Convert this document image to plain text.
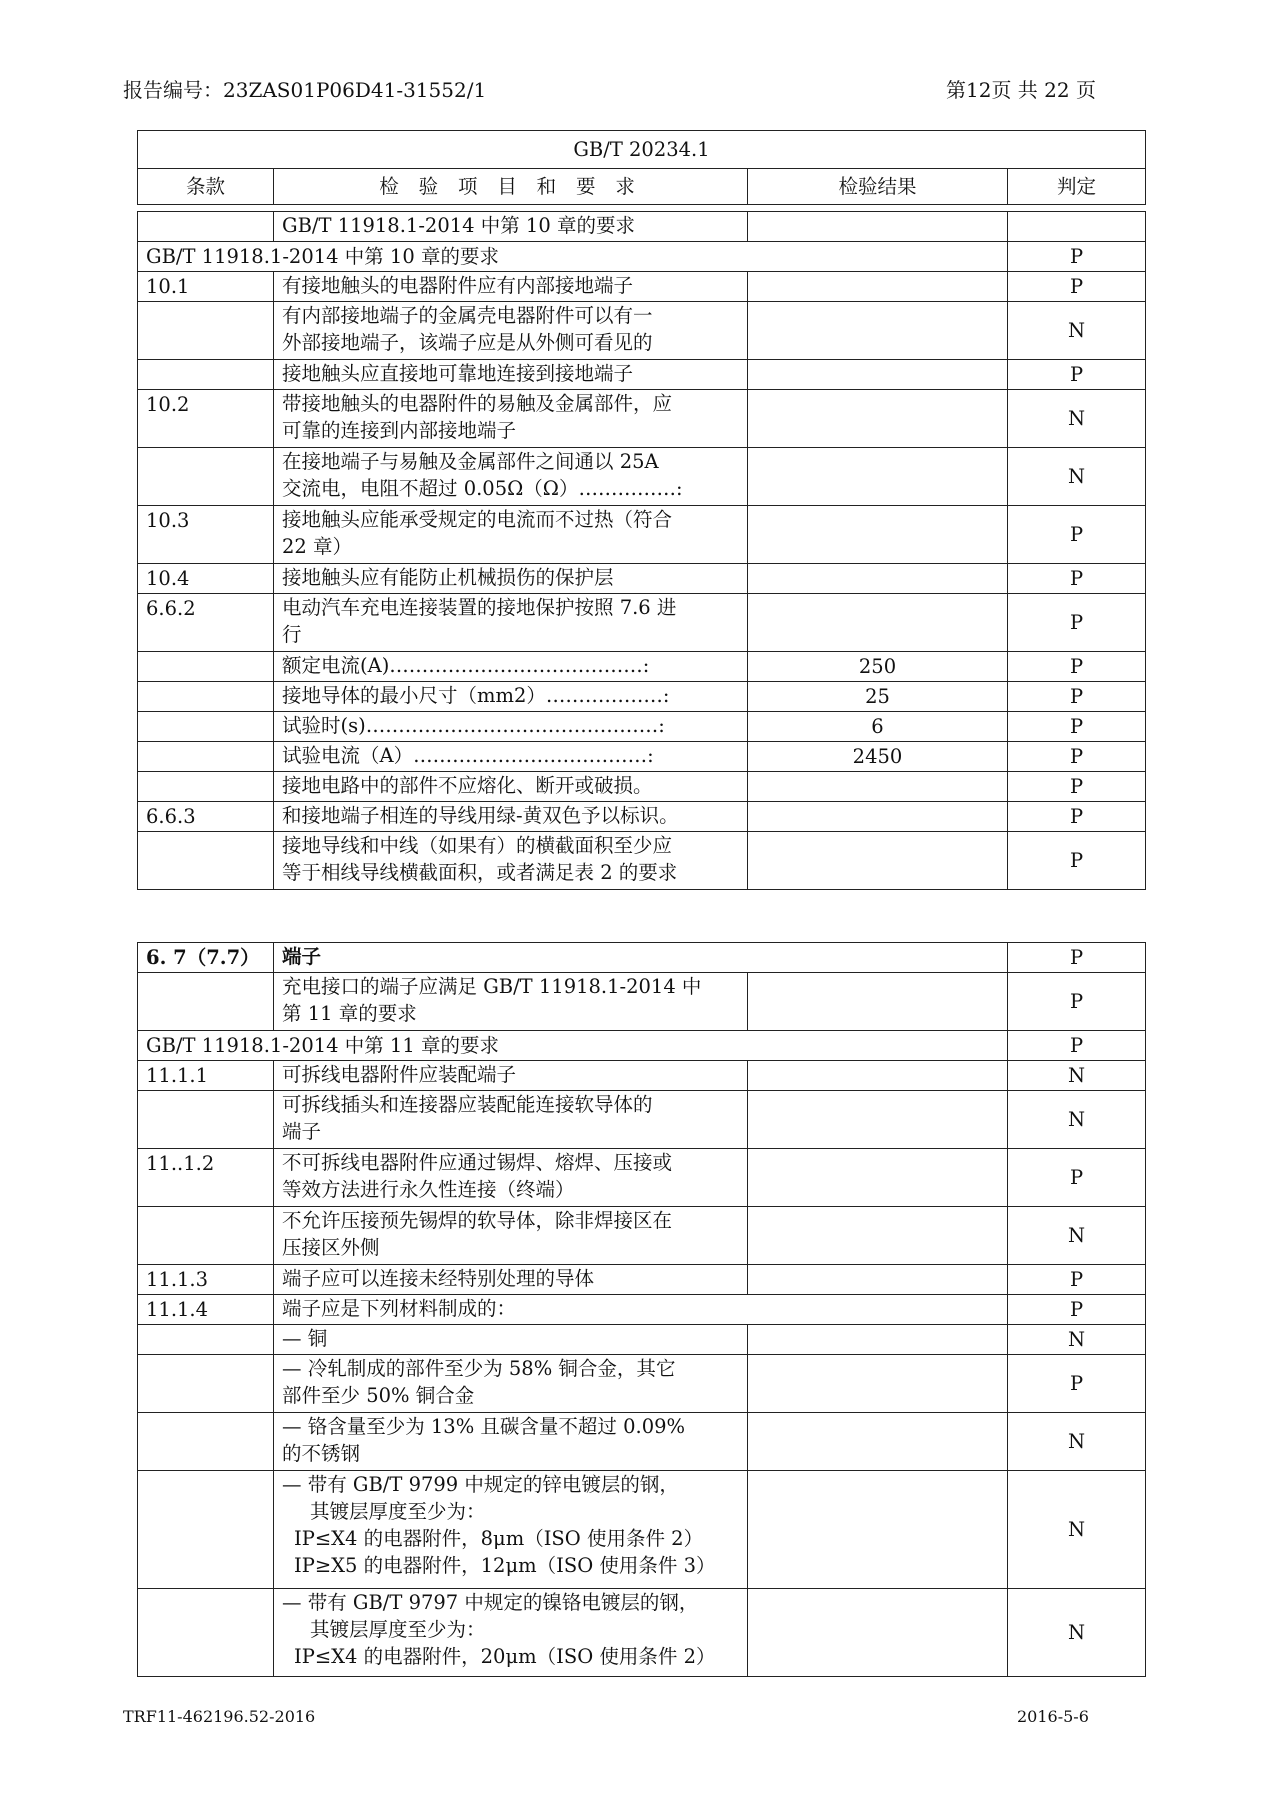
报告编号：23ZAS01P06D41-31552/1	第12页 共 22 页
GB/T 20234.1			
条款	检 验 项 目 和 要 求	检验结果	判定

	GB/T 11918.1-2014 中第 10 章的要求		
GB/T 11918.1-2014 中第 10 章的要求			P
10.1	有接地触头的电器附件应有内部接地端子		P

	有内部接地端子的金属壳电器附件可以有一
外部接地端子，该端子应是从外侧可看见的		N
	接地触头应直接地可靠地连接到接地端子		P
10.2	带接地触头的电器附件的易触及金属部件，应
可靠的连接到内部接地端子		N

	在接地端子与易触及金属部件之间通以 25A
交流电，电阻不超过 0.05Ω（Ω）……………:		N
10.3	接地触头应能承受规定的电流而不过热（符合
22 章）		P
10.4	接地触头应有能防止机械损伤的保护层		P
6.6.2	电动汽车充电连接装置的接地保护按照 7.6 进
行		P
	额定电流(A)…………………………………:	250	P
	接地导体的最小尺寸（mm2）………………:	25	P
	试验时(s)………………………………………:	6	P
	试验电流（A）………………………………:	2450	P
	接地电路中的部件不应熔化、断开或破损。		P
6.6.3	和接地端子相连的导线用绿-黄双色予以标识。		P

	接地导线和中线（如果有）的横截面积至少应
等于相线导线横截面积，或者满足表 2 的要求		P
6. 7（7.7）	端子		P

	充电接口的端子应满足 GB/T 11918.1-2014 中
第 11 章的要求		P
GB/T 11918.1-2014 中第 11 章的要求			P
11.1.1	可拆线电器附件应装配端子		N

	可拆线插头和连接器应装配能连接软导体的
端子		N
11..1.2	不可拆线电器附件应通过锡焊、熔焊、压接或
等效方法进行永久性连接（终端）		P

	不允许压接预先锡焊的软导体，除非焊接区在
压接区外侧		N
11.1.3	端子应可以连接未经特别处理的导体		P
11.1.4	端子应是下列材料制成的：		P
	— 铜		N

	— 冷轧制成的部件至少为 58% 铜合金，其它
部件至少 50% 铜合金		P

	— 铬含量至少为 13% 且碳含量不超过 0.09%
的不锈钢		N

	— 带有 GB/T 9799 中规定的锌电镀层的钢，
其镀层厚度至少为：
IP≤X4 的电器附件，8μm（ISO 使用条件 2）
IP≥X5 的电器附件，12μm（ISO 使用条件 3）		N

	— 带有 GB/T 9797 中规定的镍铬电镀层的钢，
其镀层厚度至少为：
IP≤X4 的电器附件，20μm（ISO 使用条件 2）		N
TRF11-462196.52-2016	2016-5-6
